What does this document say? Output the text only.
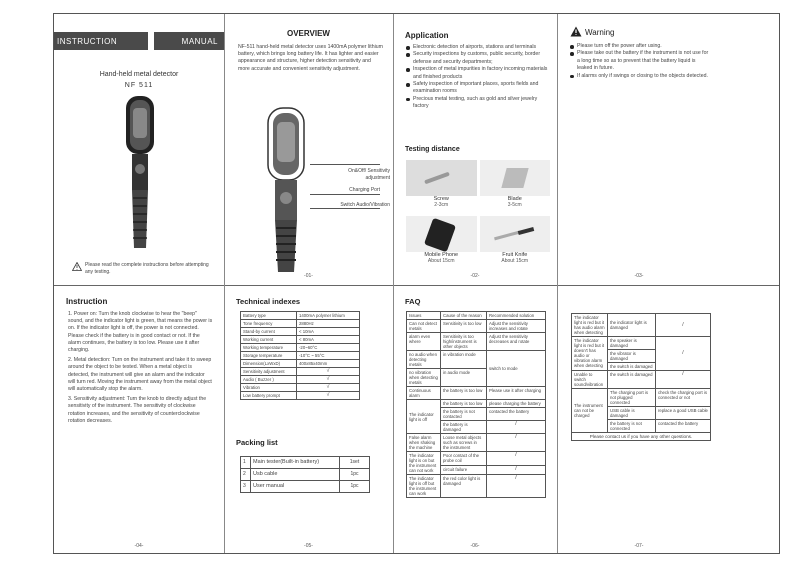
INSTRUCTION	MANUAL
Hand-held metal detector
NF 511
Please read the complete instructions before attempting any testing.
OVERVIEW

NF-511 hand-held metal detector uses 1400mA polymer lithium battery, which brings long battery life. It has lighter and easier appearance and structure, higher detection sensitivity and more accurate and convenient sensitivity adjustment.

On&Off/ Sensitivity adjustment
Charging Port
Switch Audio/Vibration
-01-
Application
Electronic detection of airports, stations and terminals
Security inspections by customs, public security, border defense and security departments;
Inspection of metal impurities in factory incoming materials and finished products
Safety inspection of important places, sports fields and examination rooms
Precious metal testing, such as gold and silver jewelry factory
Testing distance
Screw
2-3cm
Blade
3-5cm
Mobile Phone
About 15cm
Fruit Knife
About 15cm
-02-
Warning
Please turn off the power after using.
Please take out the battery if the instrument is not use for a long time so as to prevent that the battery liquid is leaked in future.
If alarms only if swings or closing to the objects detected.
-03-
Instruction

1. Power on: Turn the knob clockwise to hear the "beep" sound, and the indicator light is green, that means the power is on. If the indicator light is off, the power is not connected. Please check if the battery is in good contact or not. If the alarm continues, the battery is too low. Please use it after charging.

2. Metal detection: Turn on the instrument and take it to sweep around the object to be tested. When a metal object is detected, the instrument will give an alarm and the indicator will turn red. Moving the instrument away from the metal object will automatically stop the alarm.

3. Sensitivity adjustment: Turn the knob to directly adjust the sensitivity of the instrument. The sensitivity of clockwise rotation increases, and the sensitivity of counterclockwise rotation decreases.

-04-
Technical indexes
Battery type	1400mA polymer lithium
Tone frequency	2880Hz
Stand-by current	< 10mA
Working current	< 80mA
Working temperature	-20~60°C
Storage temperature	-10°C ~ 55°C
Dimension(LxWxD)	400x85x40mm
Sensitivity adjustment	√
Audio ( Buzzer )	√
Vibration	√
Low battery prompt	√
Packing list
1	Main tester(Built-in battery)	1set
2	Usb cable	1pc
3	User manual	1pc
-05-
FAQ
Issues	Cause of the reason	Recommended solution
Can not detect metals	Sensitivity is too low	Adjust the sensitivity increases and rotate
alarm even where	Sensitivity is too high/instrument is other objects	Adjust the sensitivity decreases and rotate
no audio when detecting metals	in vibration mode	switch to mode
no vibration when detecting metals	in audio mode	
Continuous alarm	the battery is too low	Please use it after charging
The indicator light is off	the battery is too low	please charging the battery
	the battery is not contacted	contacted the battery
	the battery is damaged	/
False alarm when shaking the machine	Loose metal objects such as screws in the instrument	/
The indicator light is on but the instrument can not work	Poor contact of the probe coil	/
	circuit failure	/
The indicator light is off but the instrument can work	the red color light is damaged	/
-06-
The indicator light is red but it has audio alarm when detecting	the indicator light is damaged	/
The indicator light is red but it doesn't has audio or vibration alarm when detecting	the speaker is damaged	/
	the vibrator is damaged	
	the switch is damaged	
Unable to switch sound/vibration	the switch is damaged	/
The instrument can not be charged	The charging port is not plugged connected	check the charging port is connected or not
	USB cable is damaged	replace a good USB cable
	the battery is not connected	contacted the battery
Please contact us if you have any other questions.		
-07-
